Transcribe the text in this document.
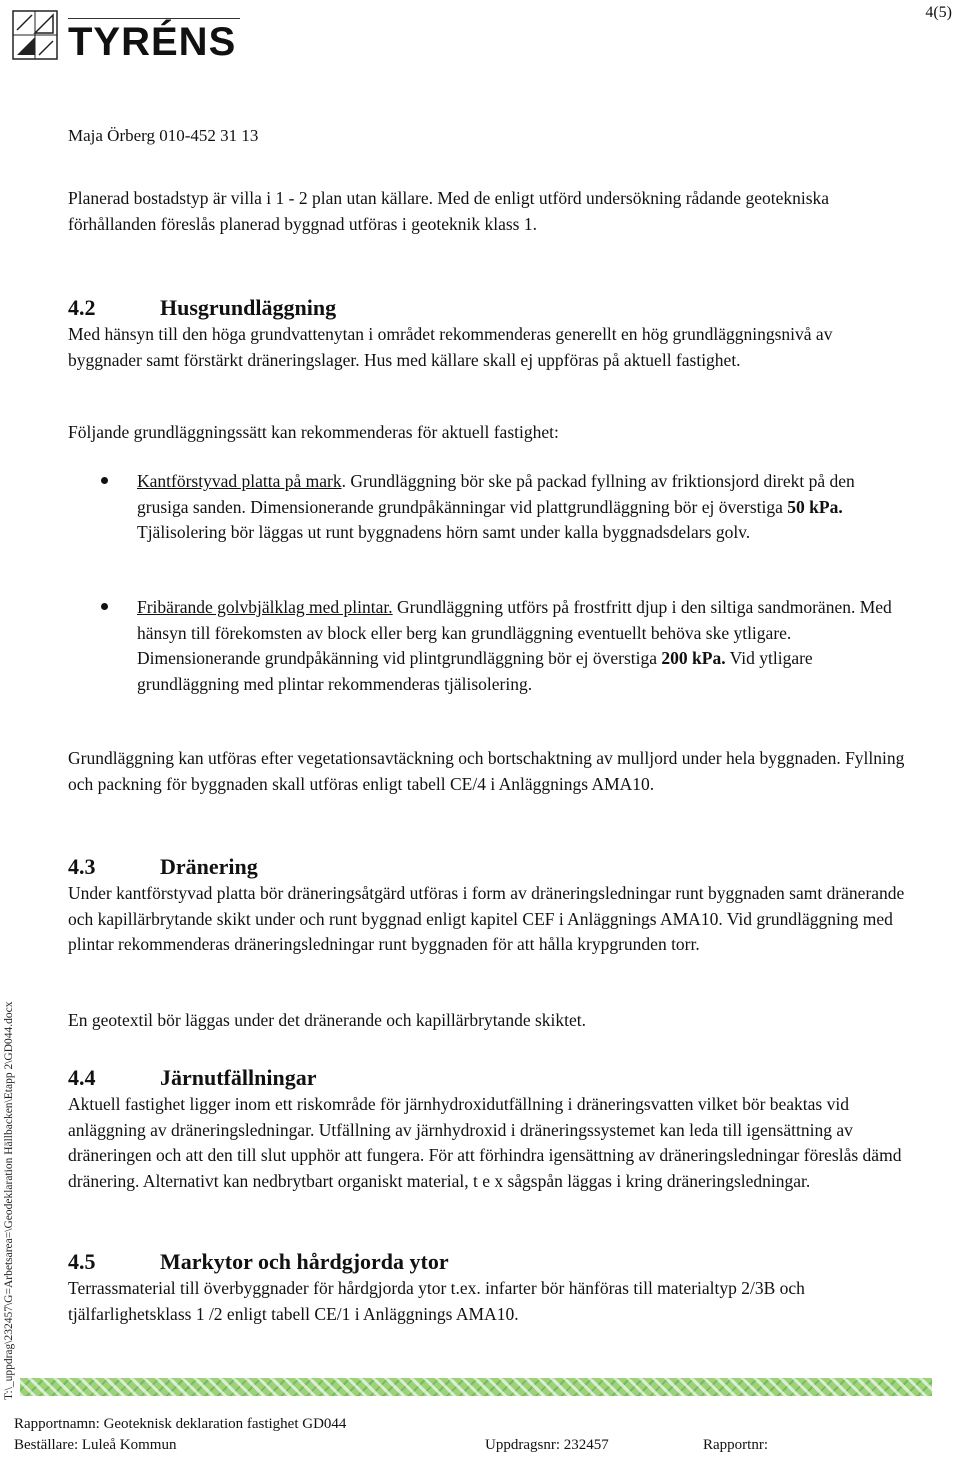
TYRÉNS
4(5)
Maja Örberg 010-452 31 13

Planerad bostadstyp är villa i 1 - 2 plan utan källare. Med de enligt utförd undersökning rådande geotekniska förhållanden föreslås planerad byggnad utföras i geoteknik klass 1.

4.2	Husgrundläggning

Med hänsyn till den höga grundvattenytan i området rekommenderas generellt en hög grundläggningsnivå av byggnader samt förstärkt dräneringslager. Hus med källare skall ej uppföras på aktuell fastighet.

Följande grundläggningssätt kan rekommenderas för aktuell fastighet:

Kantförstyvad platta på mark. Grundläggning bör ske på packad fyllning av friktionsjord direkt på den grusiga sanden. Dimensionerande grundpåkänningar vid plattgrundläggning bör ej överstiga 50 kPa. Tjälisolering bör läggas ut runt byggnadens hörn samt under kalla byggnadsdelars golv.

Fribärande golvbjälklag med plintar. Grundläggning utförs på frostfritt djup i den siltiga sandmoränen. Med hänsyn till förekomsten av block eller berg kan grundläggning eventuellt behöva ske ytligare. Dimensionerande grundpåkänning vid plintgrundläggning bör ej överstiga 200 kPa. Vid ytligare grundläggning med plintar rekommenderas tjälisolering.

Grundläggning kan utföras efter vegetationsavtäckning och bortschaktning av mulljord under hela byggnaden. Fyllning och packning för byggnaden skall utföras enligt tabell CE/4 i Anläggnings AMA10.

4.3	Dränering

Under kantförstyvad platta bör dräneringsåtgärd utföras i form av dräneringsledningar runt byggnaden samt dränerande och kapillärbrytande skikt under och runt byggnad enligt kapitel CEF i Anläggnings AMA10. Vid grundläggning med plintar rekommenderas dräneringsledningar runt byggnaden för att hålla krypgrunden torr.

En geotextil bör läggas under det dränerande och kapillärbrytande skiktet.

4.4	Järnutfällningar

Aktuell fastighet ligger inom ett riskområde för järnhydroxidutfällning i dräneringsvatten vilket bör beaktas vid anläggning av dräneringsledningar. Utfällning av järnhydroxid i dräneringssystemet kan leda till igensättning av dräneringen och att den till slut upphör att fungera. För att förhindra igensättning av dräneringsledningar föreslås dämd dränering. Alternativt kan nedbrytbart organiskt material, t e x sågspån läggas i kring dräneringsledningar.

4.5	Markytor och hårdgjorda ytor

Terrassmaterial till överbyggnader för hårdgjorda ytor t.ex. infarter bör hänföras till materialtyp 2/3B och tjälfarlighetsklass 1 /2 enligt tabell CE/1 i Anläggnings AMA10.

T:\_uppdrag\232457\G=Arbetsarea=\Geodeklaration Hällbacken\Etapp 2\GD044.docx
Rapportnamn: Geoteknisk deklaration fastighet GD044
Beställare: Luleå Kommun	Uppdragsnr: 232457	Rapportnr:
